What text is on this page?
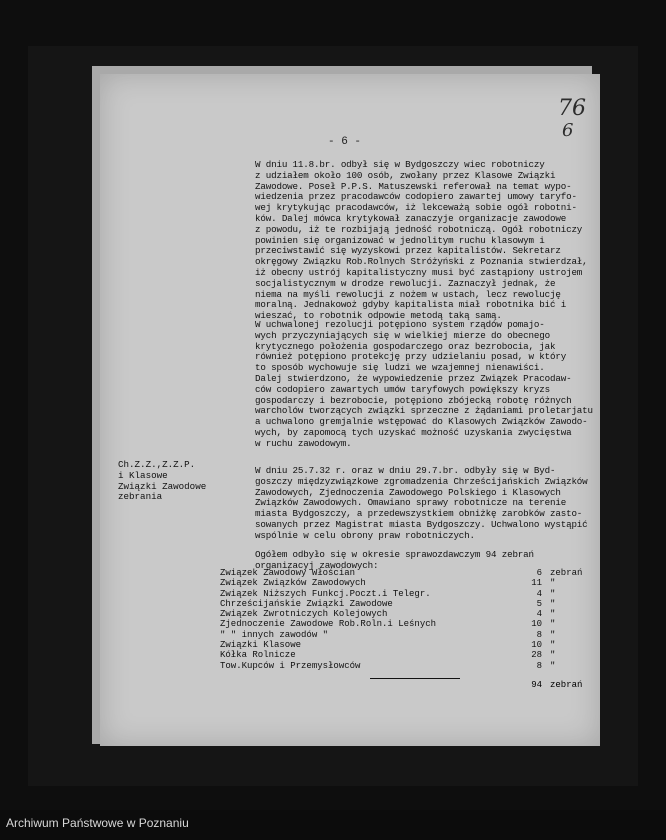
- 6 -
76
6
W dniu 11.8.br. odbył się w Bydgoszczy wiec robotniczy
z udziałem około 100 osób, zwołany przez Klasowe Związki
Zawodowe. Poseł P.P.S. Matuszewski referował na temat wypo-
wiedzenia przez pracodawców codopiero zawartej umowy taryfo-
wej krytykując pracodawców, iż lekceważą sobie ogół robotni-
ków. Dalej mówca krytykował zanaczyje organizacje zawodowe
z powodu, iż te rozbijają jedność robotniczą. Ogół robotniczy
powinien się organizować w jednolitym ruchu klasowym i
przeciwstawić się wyzyskowi przez kapitalistów. Sekretarz
okręgowy Związku Rob.Rolnych Stróżyński z Poznania stwierdzał,
iż obecny ustrój kapitalistyczny musi być zastąpiony ustrojem
socjalistycznym w drodze rewolucji. Zaznaczył jednak, że
niema na myśli rewolucji z nożem w ustach, lecz rewolucję
moralną. Jednakowoż gdyby kapitalista miał robotnika bić i
wieszać, to robotnik odpowie metodą taką samą.
W uchwalonej rezolucji potępiono system rządów pomajo-
wych przyczyniających się w wielkiej mierze do obecnego
krytycznego położenia gospodarczego oraz bezrobocia, jak
również potępiono protekcję przy udzielaniu posad, w który
to sposób wychowuje się ludzi we wzajemnej nienawiści.
Dalej stwierdzono, że wypowiedzenie przez Związek Pracodaw-
ców codopiero zawartych umów taryfowych powiększy kryzs
gospodarczy i bezrobocie, potępiono zbójecką robotę różnych
warcholów tworzących związki sprzeczne z żądaniami proletarjatu
a uchwalono gremjalnie wstępować do Klasowych Związków Zawodo-
wych, by zapomocą tych uzyskać możność uzyskania zwycięstwa
w ruchu zawodowym.
Ch.Z.Z.,Z.Z.P.
i Klasowe
Związki Zawodowe
zebrania
W dniu 25.7.32 r. oraz w dniu 29.7.br. odbyły się w Byd-
goszczy międzyzwiązkowe zgromadzenia Chrześcijańskich Związków
Zawodowych, Zjednoczenia Zawodowego Polskiego i Klasowych
Związków Zawodowych. Omawiano sprawy robotnicze na terenie
miasta Bydgoszczy, a przedewszystkiem obniżkę zarobków zasto-
sowanych przez Magistrat miasta Bydgoszczy. Uchwalono wystąpić
wspólnie w celu obrony praw robotniczych.
Ogółem odbyło się w okresie sprawozdawczym 94 zebrań
organizacyj zawodowych:
Związek Zawodowy Włościan	6 zebrań
Związek Związków Zawodowych	11 "
Związek Niższych Funkcj.Poczt.i Telegr.	4 "
Chrześcijańskie Związki Zawodowe	5 "
Związek Zwrotniczych Kolejowych	4 "
Zjednoczenie Zawodowe Rob.Roln.i Leśnych	10 "
" " innych zawodów "	8 "
Związki Klasowe	10 "
Kółka Rolnicze	28 "
Tow.Kupców i Przemysłowców	8 "
94 zebrań
Archiwum Państwowe w Poznaniu
